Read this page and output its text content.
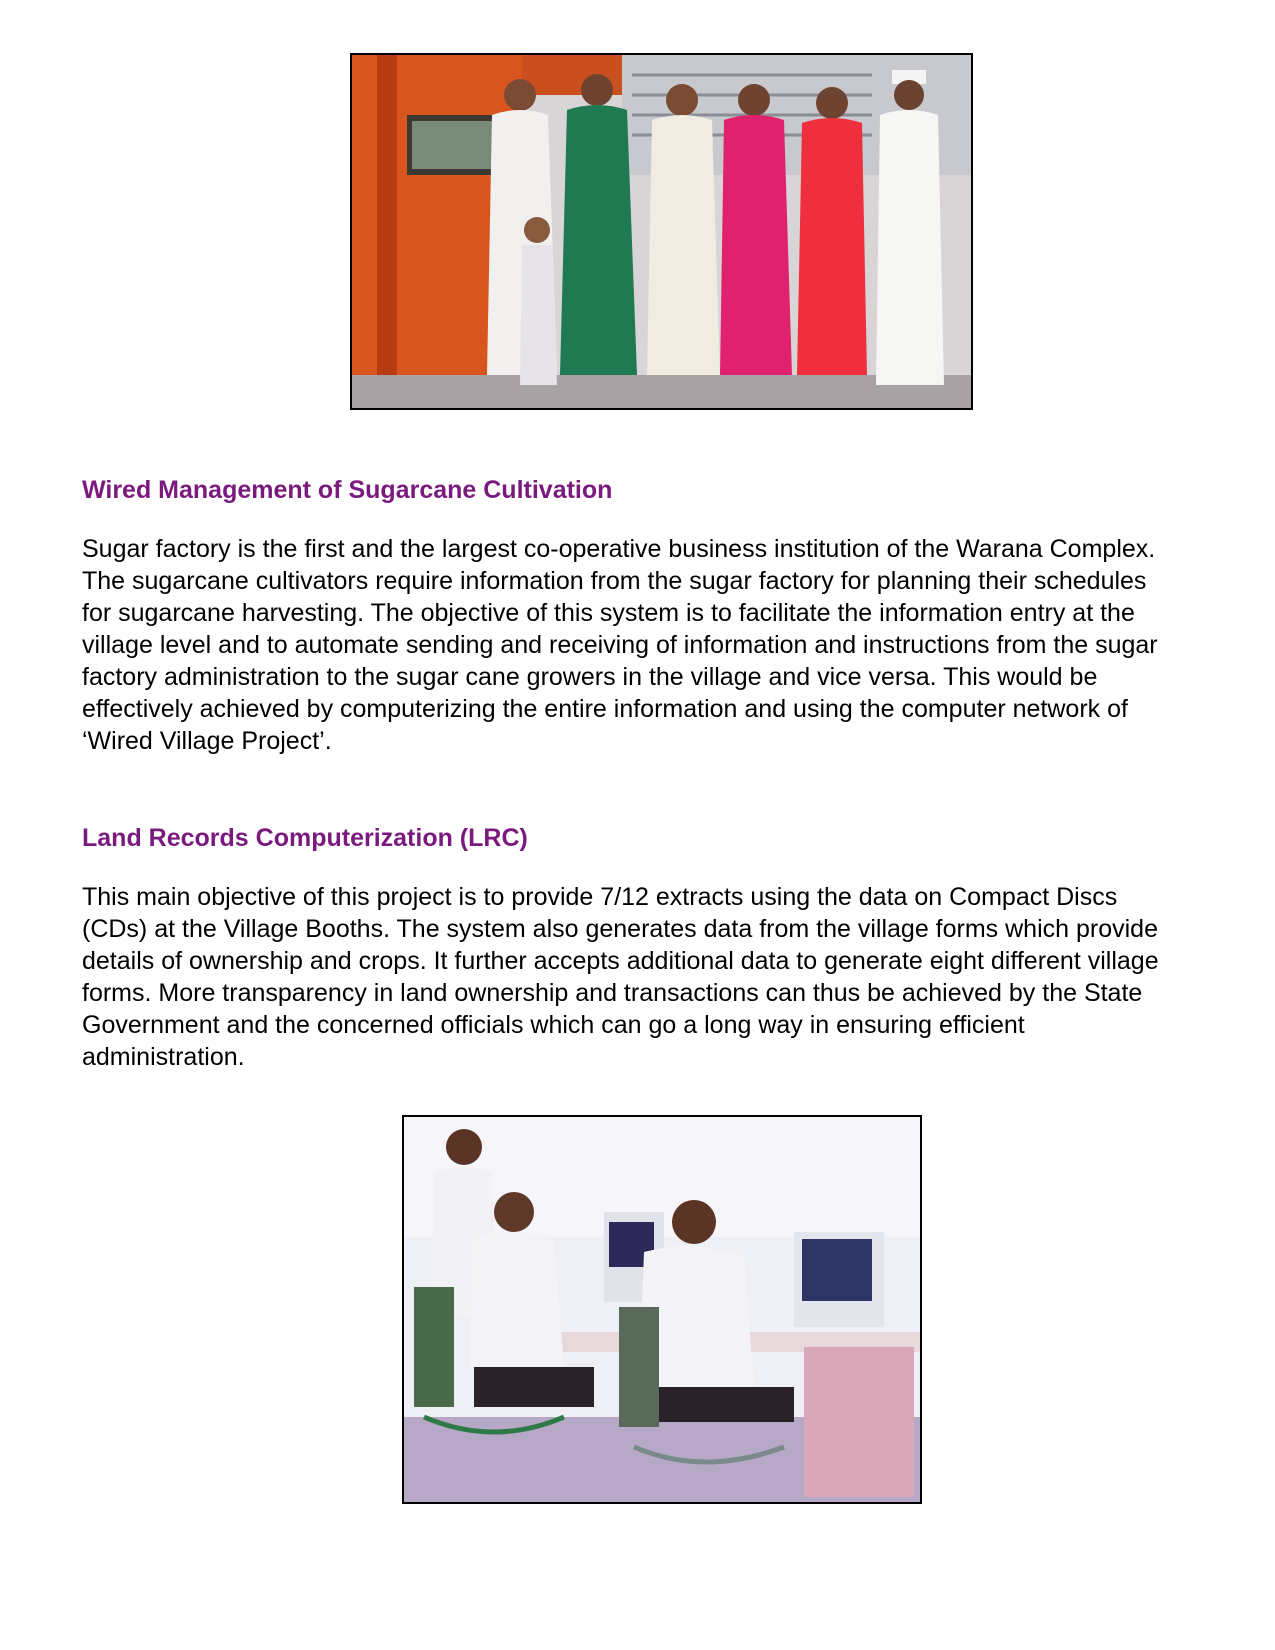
Wired Management of Sugarcane Cultivation

Sugar factory is the first and the largest co-operative business institution of the Warana Complex.
The sugarcane cultivators require information from the sugar factory for planning their schedules
for sugarcane harvesting. The objective of this system is to facilitate the information entry at the
village level and to automate sending and receiving of information and instructions from the sugar
factory administration to the sugar cane growers in the village and vice versa. This would be
effectively achieved by computerizing the entire information and using the computer network of
‘Wired Village Project’.

Land Records Computerization (LRC)

This main objective of this project is to provide 7/12 extracts using the data on Compact Discs
(CDs) at the Village Booths. The system also generates data from the village forms which provide
details of ownership and crops. It further accepts additional data to generate eight different village
forms. More transparency in land ownership and transactions can thus be achieved by the State
Government and the concerned officials which can go a long way in ensuring efficient
administration.
